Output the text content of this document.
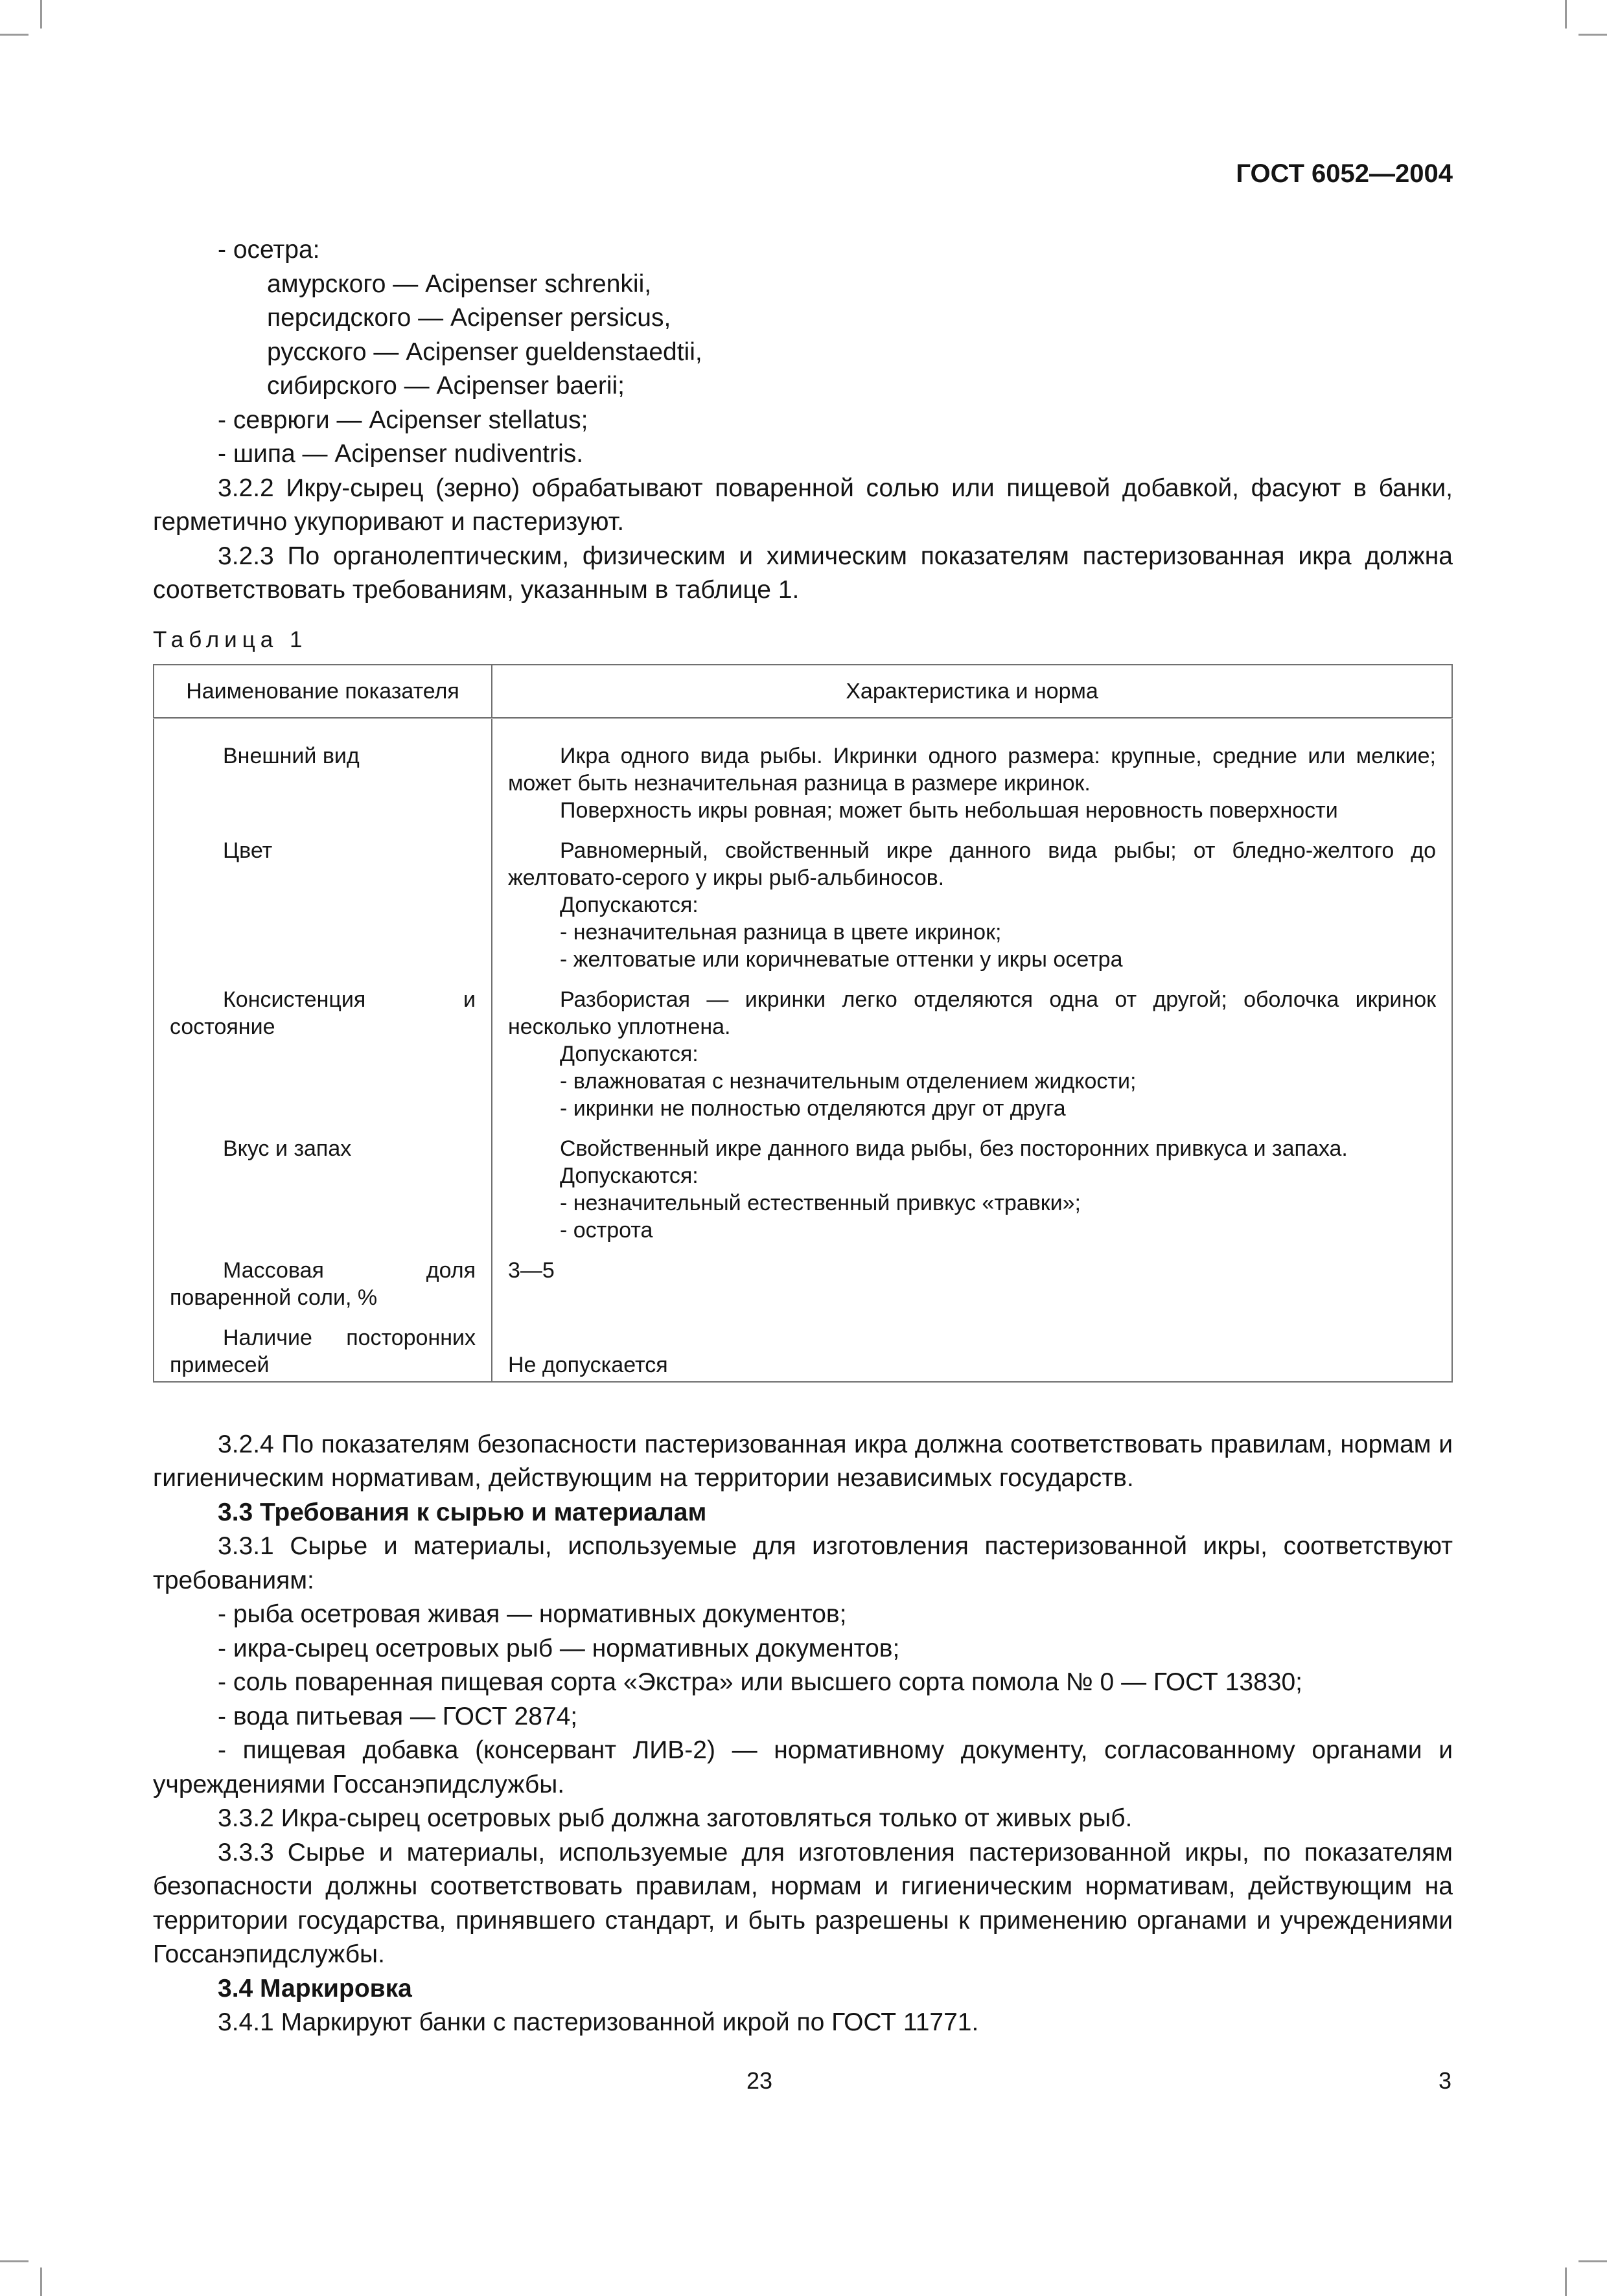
ГОСТ 6052—2004
- осетра:
амурского — Acipenser schrenkii,
персидского — Acipenser persicus,
русского — Acipenser gueldenstaedtii,
сибирского — Acipenser baerii;
- севрюги — Acipenser stellatus;
- шипа — Acipenser nudiventris.
3.2.2 Икру-сырец (зерно) обрабатывают поваренной солью или пищевой добавкой, фасуют в банки, герметично укупоривают и пастеризуют.
3.2.3 По органолептическим, физическим и химическим показателям пастеризованная икра должна соответствовать требованиям, указанным в таблице 1.
Таблица 1
Наименование показателя	Характеристика и норма
Внешний вид	Икра одного вида рыбы. Икринки одного размера: крупные, средние или мелкие; может быть незначительная разница в размере икринок.
Поверхность икры ровная; может быть небольшая неровность поверхности

Цвет	Равномерный, свойственный икре данного вида рыбы; от бледно-желтого до желтовато-серого у икры рыб-альбиносов.
Допускаются:
- незначительная разница в цвете икринок;
- желтоватые или коричневатые оттенки у икры осетра

Консистенция и состояние	Разбористая — икринки легко отделяются одна от другой; оболочка икринок несколько уплотнена.
Допускаются:
- влажноватая с незначительным отделением жидкости;
- икринки не полностью отделяются друг от друга

Вкус и запах	Свойственный икре данного вида рыбы, без посторонних привкуса и запаха.
Допускаются:
- незначительный естественный привкус «травки»;
- острота

Массовая доля поваренной соли, %	3—5
Наличие посторонних примесей	Не допускается
3.2.4 По показателям безопасности пастеризованная икра должна соответствовать правилам, нормам и гигиеническим нормативам, действующим на территории независимых государств.
3.3 Требования к сырью и материалам
3.3.1 Сырье и материалы, используемые для изготовления пастеризованной икры, соответствуют требованиям:
- рыба осетровая живая — нормативных документов;
- икра-сырец осетровых рыб — нормативных документов;
- соль поваренная пищевая сорта «Экстра» или высшего сорта помола № 0 — ГОСТ 13830;
- вода питьевая — ГОСТ 2874;
- пищевая добавка (консервант ЛИВ-2) — нормативному документу, согласованному органами и учреждениями Госсанэпидслужбы.
3.3.2 Икра-сырец осетровых рыб должна заготовляться только от живых рыб.
3.3.3 Сырье и материалы, используемые для изготовления пастеризованной икры, по показателям безопасности должны соответствовать правилам, нормам и гигиеническим нормативам, действующим на территории государства, принявшего стандарт, и быть разрешены к применению органами и учреждениями Госсанэпидслужбы.
3.4 Маркировка
3.4.1 Маркируют банки с пастеризованной икрой по ГОСТ 11771.
23	3
